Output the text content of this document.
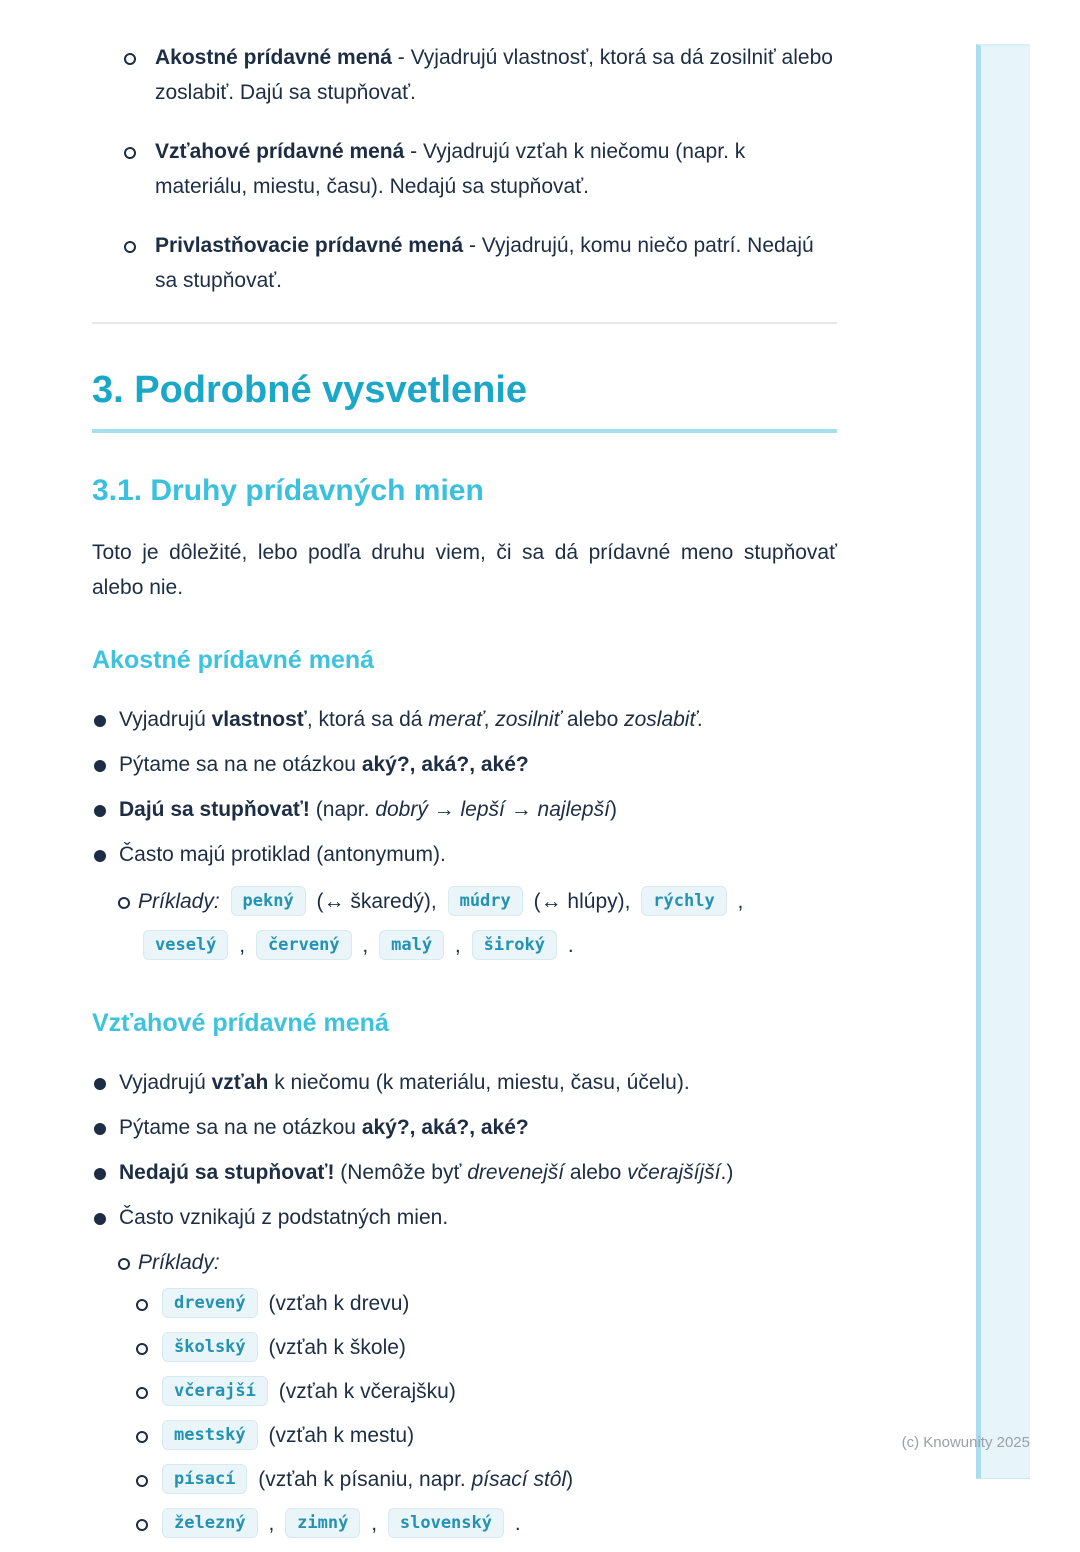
Akostné prídavné mená - Vyjadrujú vlastnosť, ktorá sa dá zosilniť alebo zoslabiť. Dajú sa stupňovať.
Vzťahové prídavné mená - Vyjadrujú vzťah k niečomu (napr. k materiálu, miestu, času). Nedajú sa stupňovať.
Privlastňovacie prídavné mená - Vyjadrujú, komu niečo patrí. Nedajú sa stupňovať.
3. Podrobné vysvetlenie
3.1. Druhy prídavných mien

Toto je dôležité, lebo podľa druhu viem, či sa dá prídavné meno stupňovať alebo nie.

Akostné prídavné mená
Vyjadrujú vlastnosť, ktorá sa dá merať, zosilniť alebo zoslabiť.
Pýtame sa na ne otázkou aký?, aká?, aké?
Dajú sa stupňovať! (napr. dobrý → lepší → najlepší)
Často majú protiklad (antonymum).
Príklady: pekný (↔ škaredý), múdry (↔ hlúpy), rýchly , veselý , červený , malý , široký .
Vzťahové prídavné mená
Vyjadrujú vzťah k niečomu (k materiálu, miestu, času, účelu).
Pýtame sa na ne otázkou aký?, aká?, aké?
Nedajú sa stupňovať! (Nemôže byť drevenejší alebo včerajšíjší.)
Často vznikajú z podstatných mien.
Príklady:
drevený (vzťah k drevu)
školský (vzťah k škole)
včerajší (vzťah k včerajšku)
mestský (vzťah k mestu)
písací (vzťah k písaniu, napr. písací stôl)
železný , zimný , slovenský .
(c) Knowunity 2025
